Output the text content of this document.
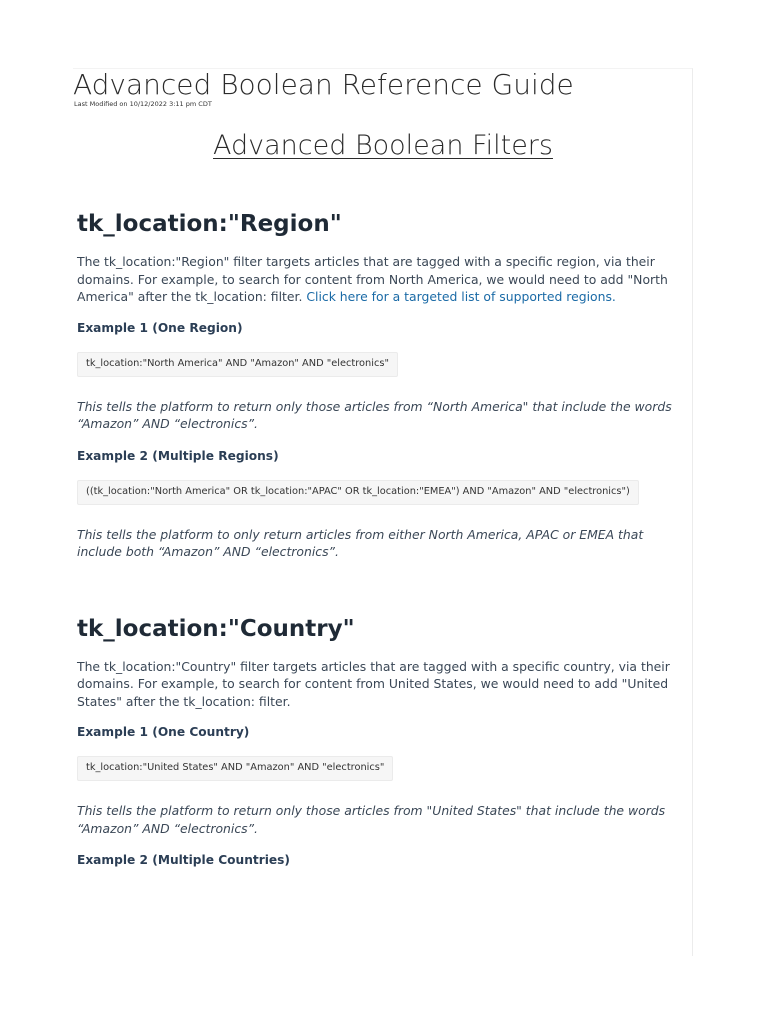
Advanced Boolean Reference Guide
Last Modified on 10/12/2022 3:11 pm CDT
Advanced Boolean Filters
tk_location:"Region"

The tk_location:"Region" filter targets articles that are tagged with a specific region, via their domains. For example, to search for content from North America, we would need to add "North America" after the tk_location: filter. Click here for a targeted list of supported regions.

Example 1 (One Region)
tk_location:"North America" AND "Amazon" AND "electronics"

This tells the platform to return only those articles from “North America" that include the words “Amazon” AND “electronics”.

Example 2 (Multiple Regions)
((tk_location:"North America" OR tk_location:"APAC" OR tk_location:"EMEA") AND "Amazon" AND "electronics")

This tells the platform to only return articles from either North America, APAC or EMEA that include both “Amazon” AND “electronics”.

tk_location:"Country"

The tk_location:"Country" filter targets articles that are tagged with a specific country, via their domains. For example, to search for content from United States, we would need to add "United States" after the tk_location: filter.

Example 1 (One Country)
tk_location:"United States" AND "Amazon" AND "electronics"

This tells the platform to return only those articles from "United States" that include the words “Amazon” AND “electronics”.

Example 2 (Multiple Countries)
